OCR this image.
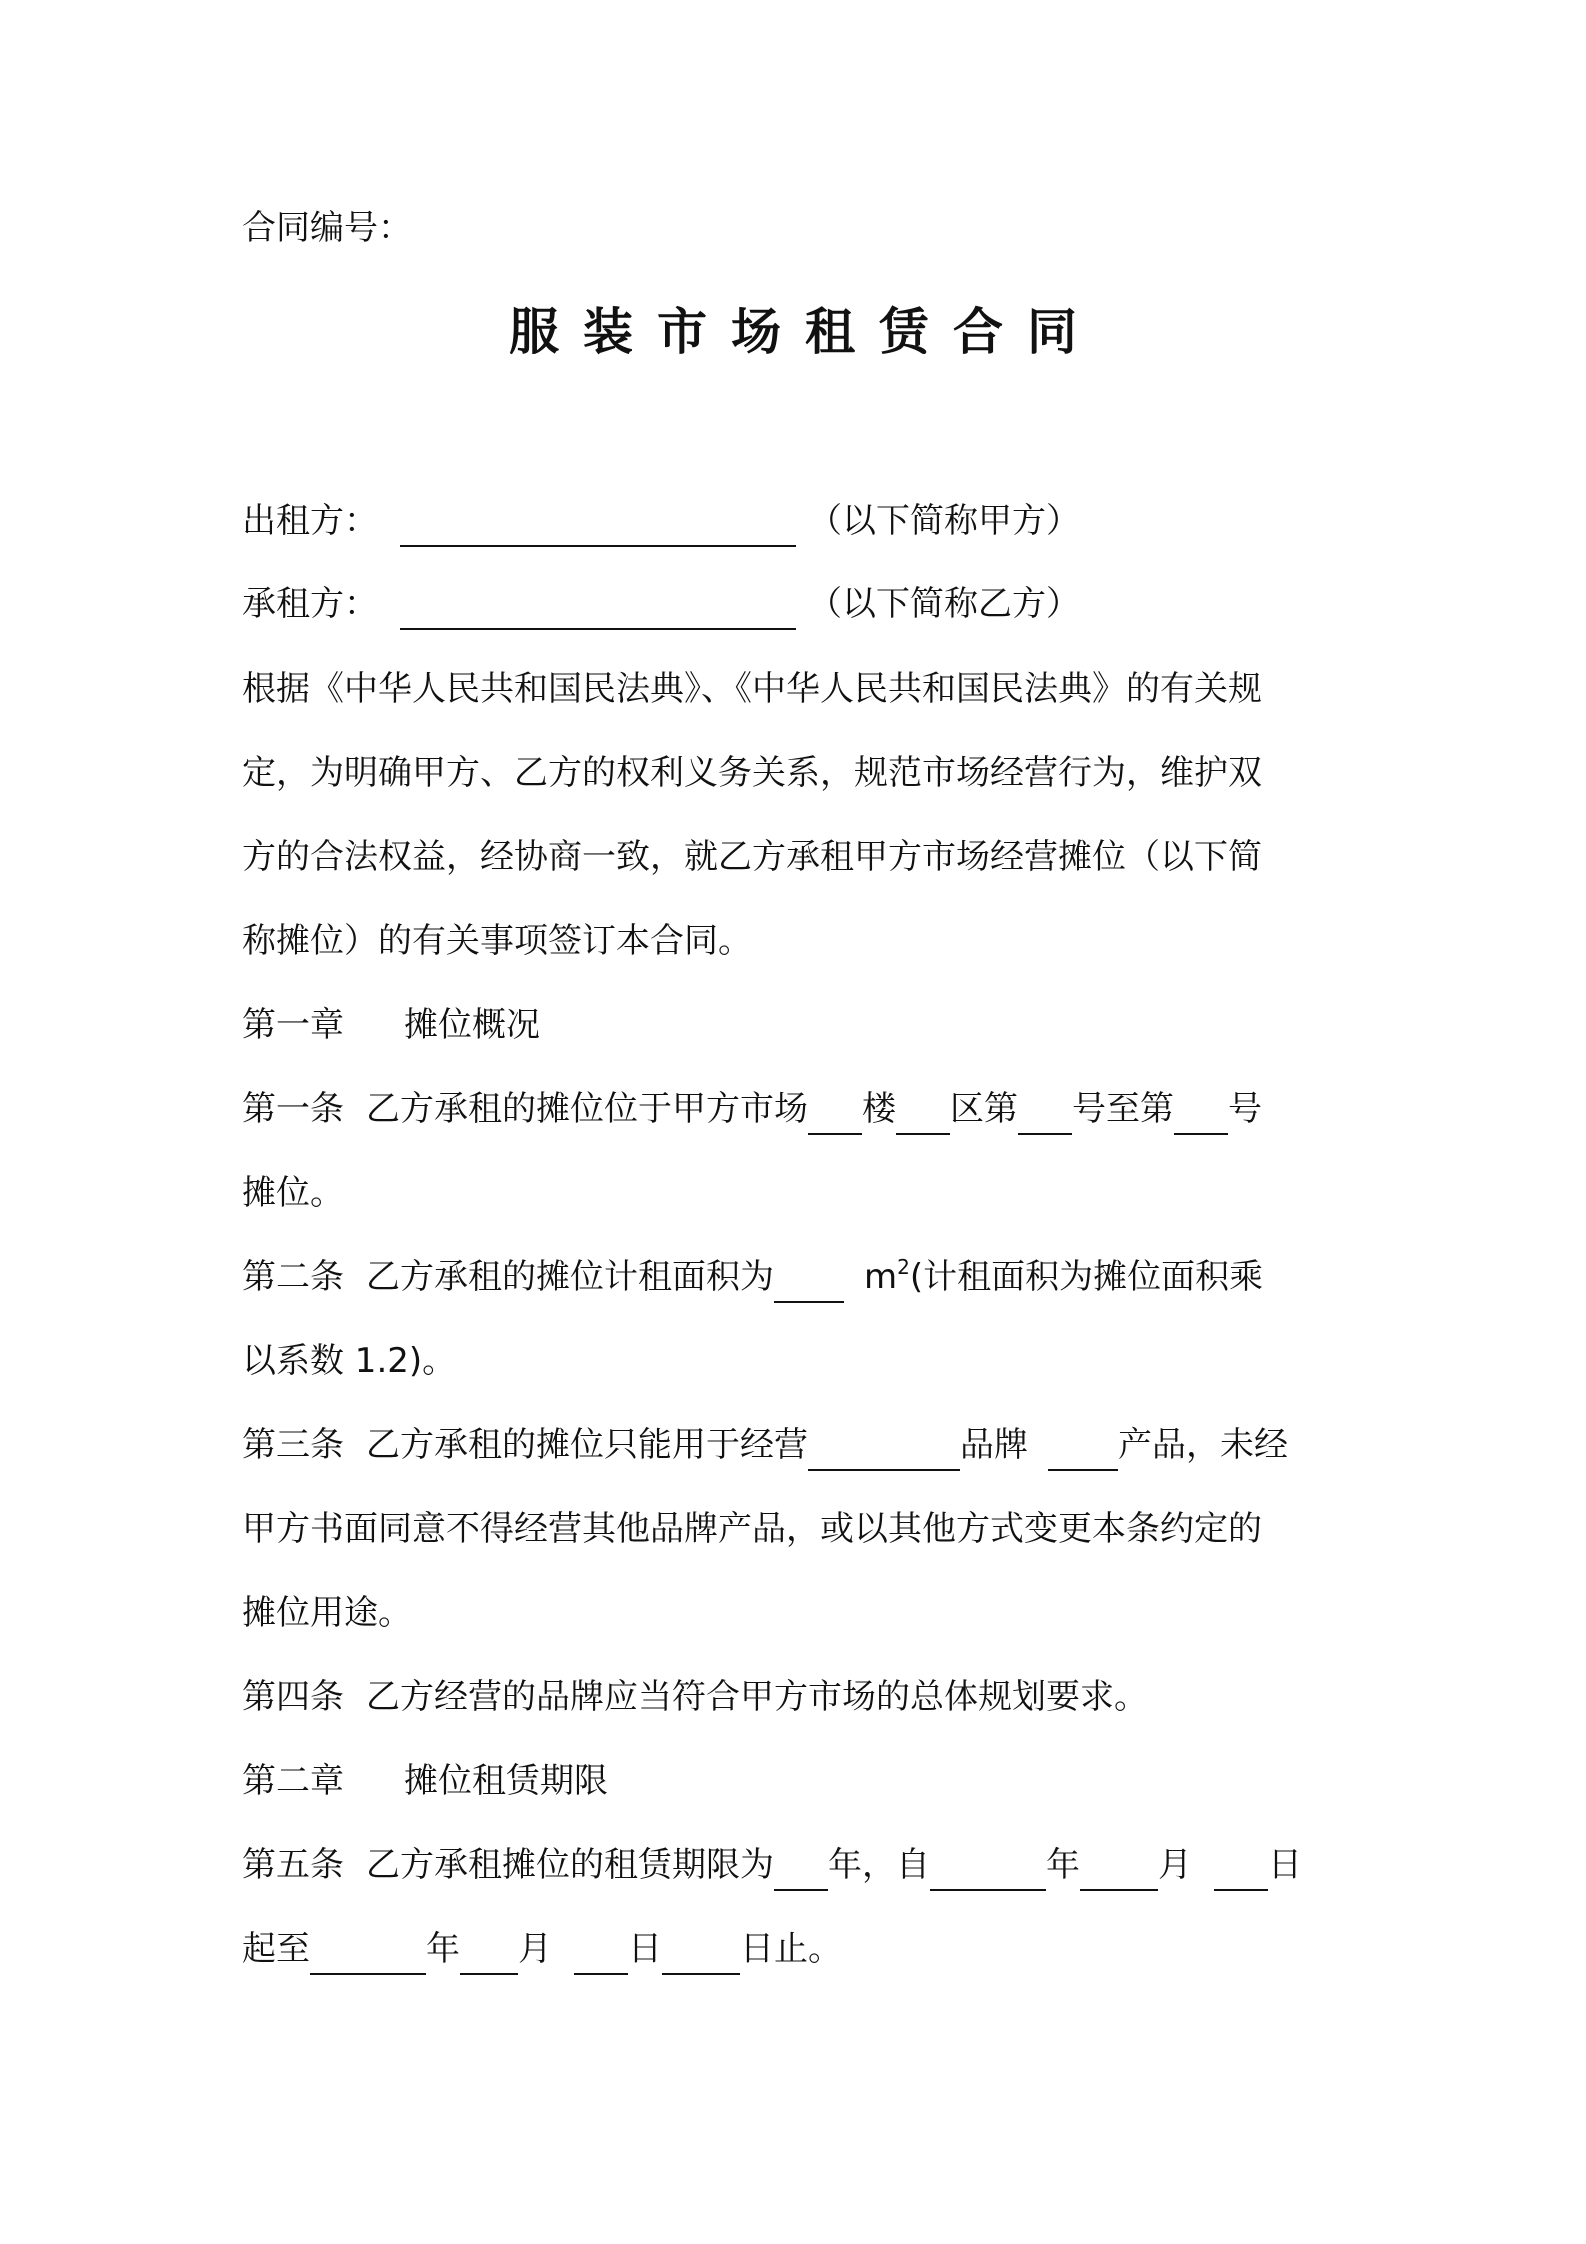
合同编号：
服装市场租赁合同
出租方：	（以下简称甲方）
承租方：	（以下简称乙方）
根据《中华人民共和国民法典》、《中华人民共和国民法典》的有关规
定，为明确甲方、乙方的权利义务关系，规范市场经营行为，维护双
方的合法权益，经协商一致，就乙方承租甲方市场经营摊位（以下简
称摊位）的有关事项签订本合同。
第一章 摊位概况
第一条 乙方承租的摊位位于甲方市场 楼 区第 号至第 号
摊位。
第二条 乙方承租的摊位计租面积为	$m^2$(计租面积为摊位面积乘
以系数 1.2)。
第三条 乙方承租的摊位只能用于经营	品牌	产品，未经
甲方书面同意不得经营其他品牌产品，或以其他方式变更本条约定的
摊位用途。
第四条 乙方经营的品牌应当符合甲方市场的总体规划要求。
第二章 摊位租赁期限
第五条 乙方承租摊位的租赁期限为 年，自	年 月 日
起至	年 月 日 日止。
